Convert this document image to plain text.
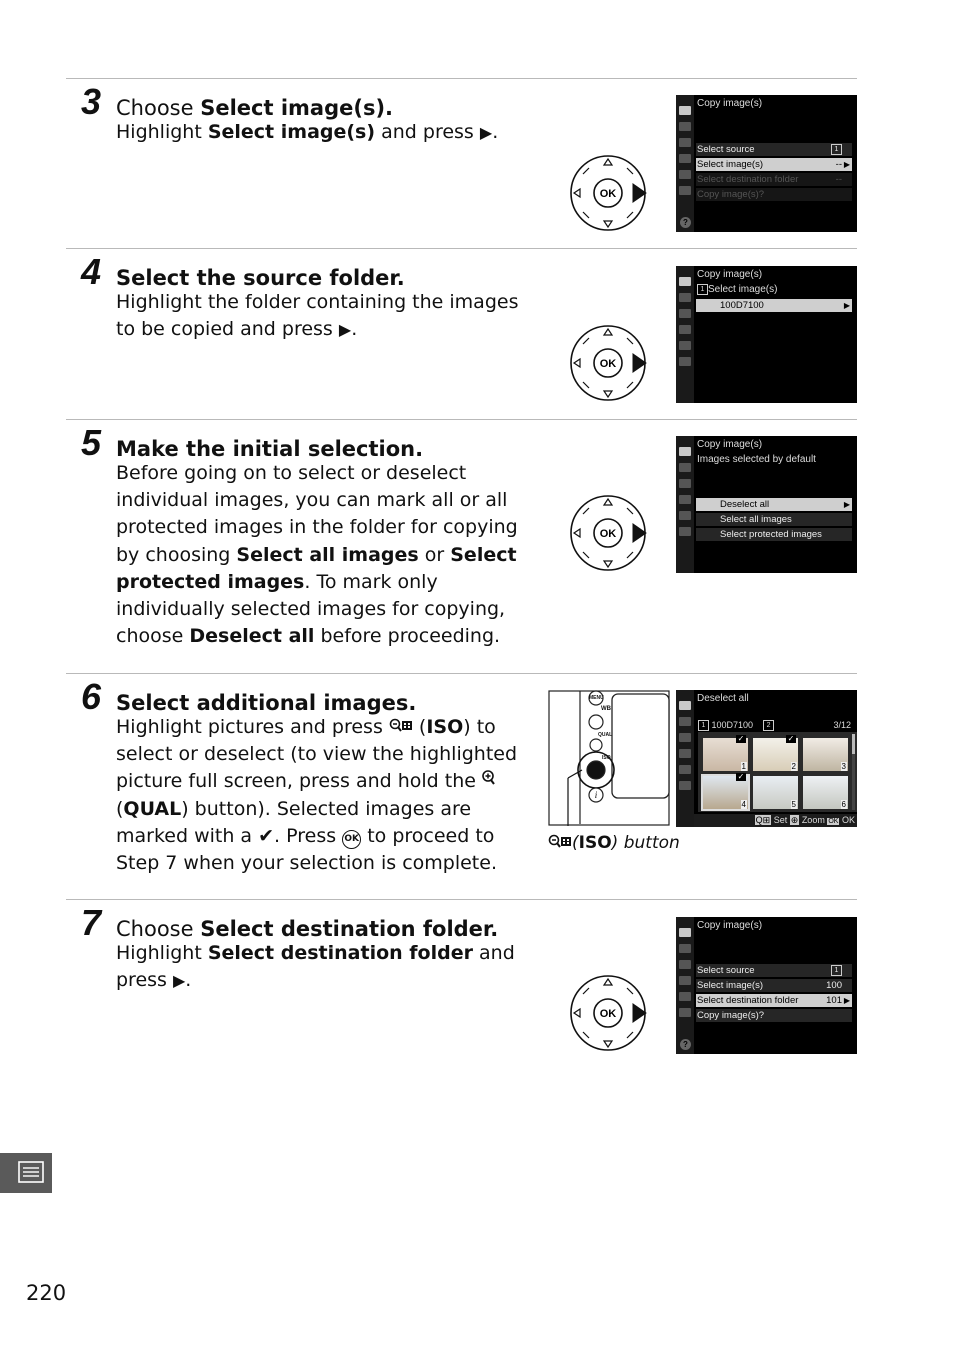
3 Choose Select image(s).
Highlight Select image(s) and press ▶.
4 Select the source folder.
Highlight the folder containing the images to be copied and press ▶.
5 Make the initial selection.
Before going on to select or deselect individual images, you can mark all or all protected images in the folder for copying by choosing Select all images or Select protected images. To mark only individually selected images for copying, choose Deselect all before proceeding.
6 Select additional images.
Highlight pictures and press  (ISO) to select or deselect (to view the highlighted picture full screen, press and hold the  (QUAL) button). Selected images are marked with a ✔. Press OK to proceed to Step 7 when your selection is complete.
7 Choose Select destination folder.
Highlight Select destination folder and press ▶.
OK
OK
OK
OK
?
Copy image(s)
Select source	1
Select image(s)	-- ▶
Select destination folder	--
Copy image(s)?
Copy image(s)
1 Select image(s)
100D7100	▶
Copy image(s)
Images selected by default
Deselect all	▶
Select all images
Select protected images
i
MENU
WB
QUAL
ISO
(ISO) button
Deselect all
1 100D7100 2	3/12
✓
1
✓
2	3
✓
4	5	6
Q⊞ Set ⊕ Zoom OK OK
?
Copy image(s)
Select source	1
Select image(s)	100
Select destination folder	101 ▶
Copy image(s)?
220
